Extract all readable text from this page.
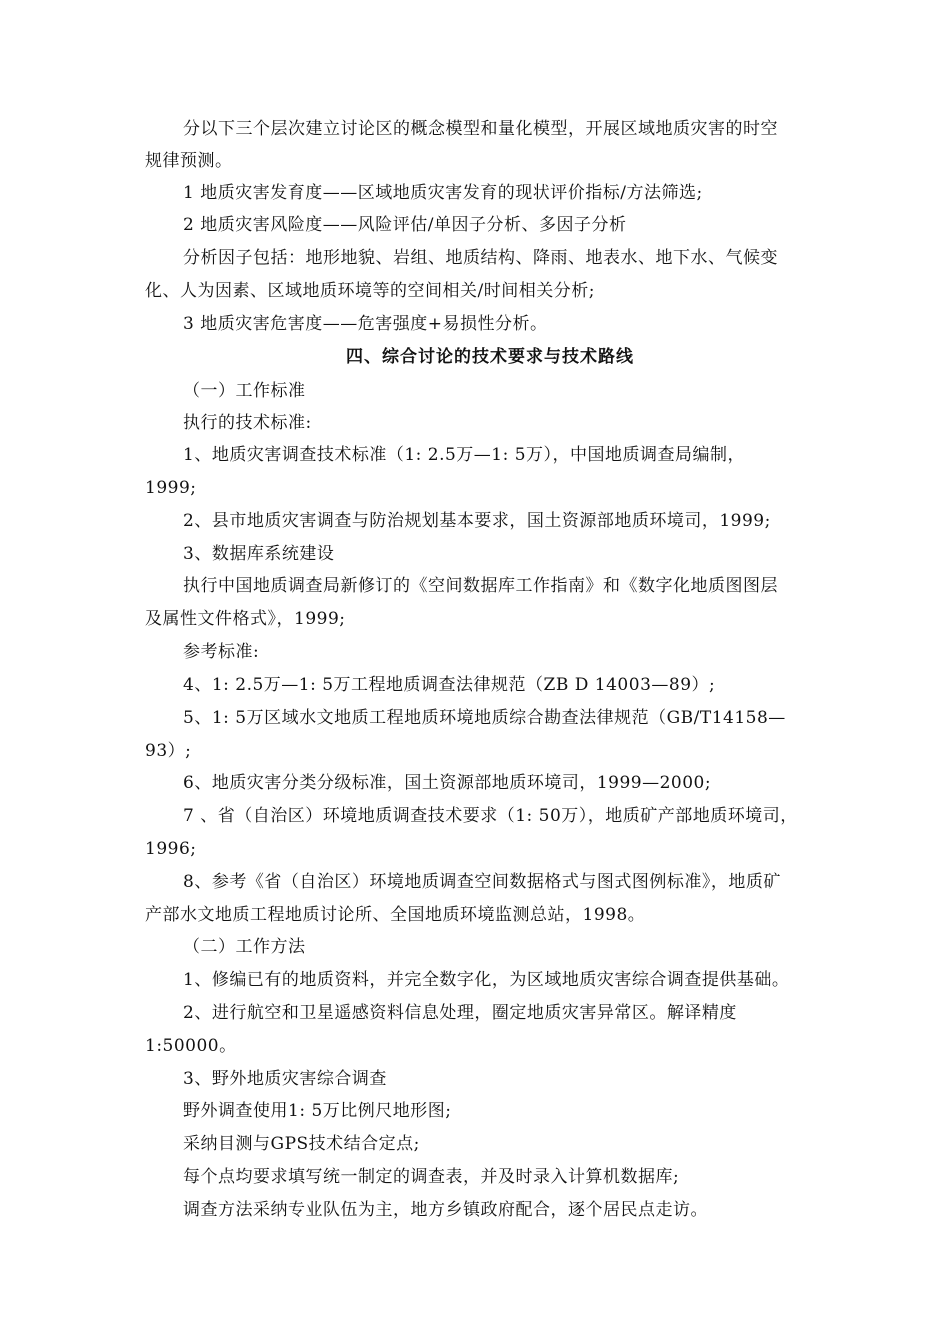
分以下三个层次建立讨论区的概念模型和量化模型，开展区域地质灾害的时空
规律预测。
1 地质灾害发育度——区域地质灾害发育的现状评价指标/方法筛选;
2 地质灾害风险度——风险评估/单因子分析、多因子分析
分析因子包括：地形地貌、岩组、地质结构、降雨、地表水、地下水、气候变
化、人为因素、区域地质环境等的空间相关/时间相关分析;
3 地质灾害危害度——危害强度+易损性分析。
四、综合讨论的技术要求与技术路线
（一）工作标准
执行的技术标准:
1、地质灾害调查技术标准（1: 2.5万—1: 5万），中国地质调查局编制，
1999;
2、县市地质灾害调查与防治规划基本要求，国土资源部地质环境司，1999;
3、数据库系统建设
执行中国地质调查局新修订的《空间数据库工作指南》和《数字化地质图图层
及属性文件格式》，1999;
参考标准:
4、1: 2.5万—1: 5万工程地质调查法律规范（ZB D 14003—89）;
5、1: 5万区域水文地质工程地质环境地质综合勘查法律规范（GB/T14158—
93）;
6、地质灾害分类分级标准，国土资源部地质环境司，1999—2000;
7 、省（自治区）环境地质调查技术要求（1: 50万），地质矿产部地质环境司，
1996;
8、参考《省（自治区）环境地质调查空间数据格式与图式图例标准》，地质矿
产部水文地质工程地质讨论所、全国地质环境监测总站，1998。
（二）工作方法
1、修编已有的地质资料，并完全数字化，为区域地质灾害综合调查提供基础。
2、进行航空和卫星遥感资料信息处理，圈定地质灾害异常区。解译精度
1:50000。
3、野外地质灾害综合调查
野外调查使用1: 5万比例尺地形图;
采纳目测与GPS技术结合定点;
每个点均要求填写统一制定的调查表，并及时录入计算机数据库;
调查方法采纳专业队伍为主，地方乡镇政府配合，逐个居民点走访。
